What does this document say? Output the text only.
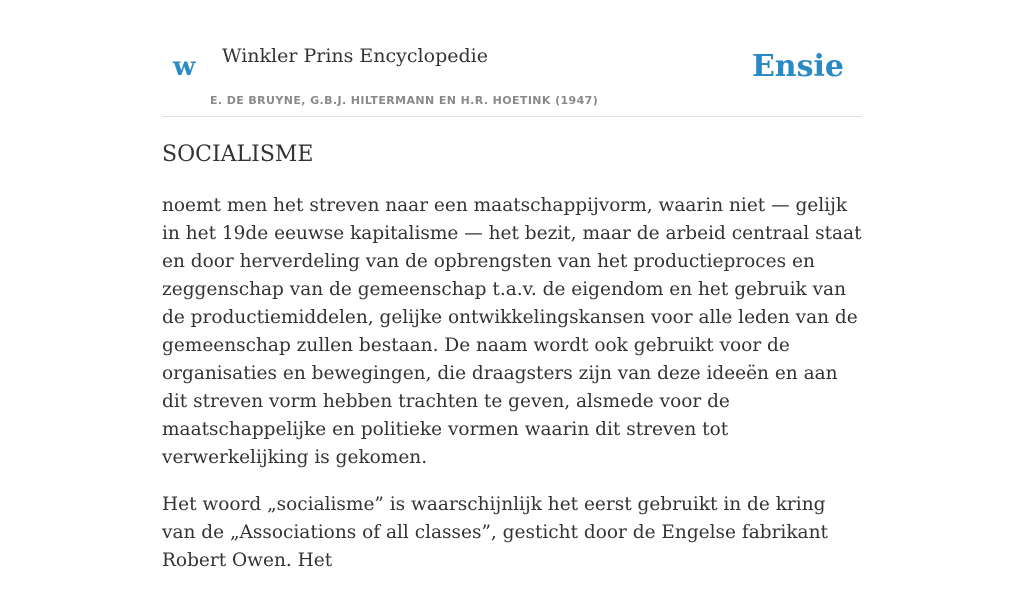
w Winkler Prins Encyclopedie
E. DE BRUYNE, G.B.J. HILTERMANN EN H.R. HOETINK (1947)
Ensie
SOCIALISME

noemt men het streven naar een maatschappijvorm, waarin niet — gelijk in het 19de eeuwse kapitalisme — het bezit, maar de arbeid centraal staat en door herverdeling van de opbrengsten van het productieproces en zeggenschap van de gemeenschap t.a.v. de eigendom en het gebruik van de productiemiddelen, gelijke ontwikkelingskansen voor alle leden van de gemeenschap zullen bestaan. De naam wordt ook gebruikt voor de organisaties en bewegingen, die draagsters zijn van deze ideeën en aan dit streven vorm hebben trachten te geven, alsmede voor de maatschappelijke en politieke vormen waarin dit streven tot verwerkelijking is gekomen.

Het woord „socialisme” is waarschijnlijk het eerst gebruikt in de kring van de „Associations of all classes”, gesticht door de Engelse fabrikant Robert Owen. Het
